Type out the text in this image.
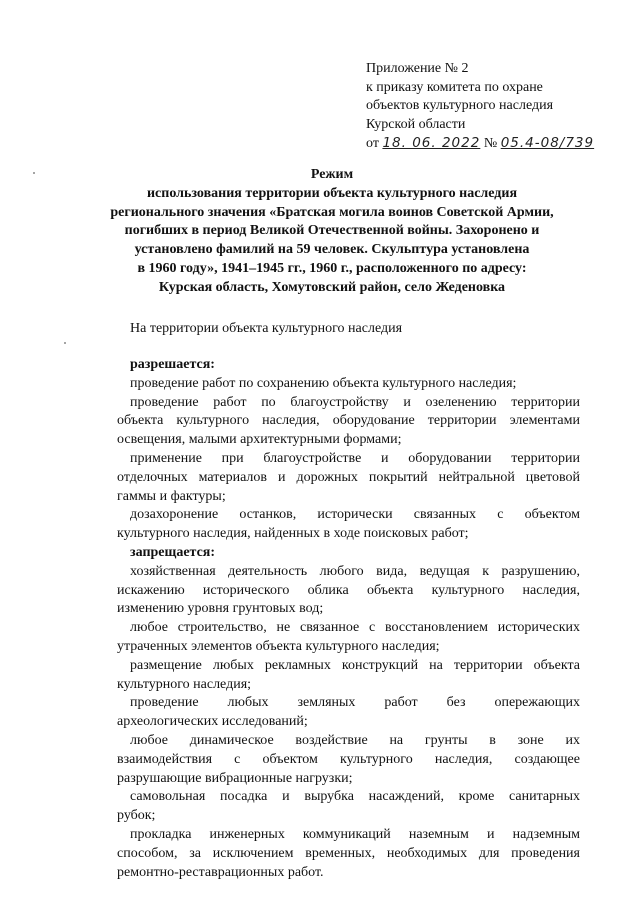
Приложение № 2
к приказу комитета по охране
объектов культурного наследия
Курской области
от 18. 06. 2022 № 05.4-08/739
Режим
использования территории объекта культурного наследия
регионального значения «Братская могила воинов Советской Армии,
погибших в период Великой Отечественной войны. Захоронено и
установлено фамилий на 59 человек. Скульптура установлена
в 1960 году», 1941–1945 гг., 1960 г., расположенного по адресу:
Курская область, Хомутовский район, село Жеденовка
На территории объекта культурного наследия
разрешается:
проведение работ по сохранению объекта культурного наследия;
проведение работ по благоустройству и озеленению территории
объекта культурного наследия, оборудование территории элементами
освещения, малыми архитектурными формами;
применение при благоустройстве и оборудовании территории
отделочных материалов и дорожных покрытий нейтральной цветовой
гаммы и фактуры;
дозахоронение останков, исторически связанных с объектом
культурного наследия, найденных в ходе поисковых работ;
запрещается:
хозяйственная деятельность любого вида, ведущая к разрушению,
искажению исторического облика объекта культурного наследия,
изменению уровня грунтовых вод;
любое строительство, не связанное с восстановлением исторических
утраченных элементов объекта культурного наследия;
размещение любых рекламных конструкций на территории объекта
культурного наследия;
проведение любых земляных работ без опережающих
археологических исследований;
любое динамическое воздействие на грунты в зоне их
взаимодействия с объектом культурного наследия, создающее
разрушающие вибрационные нагрузки;
самовольная посадка и вырубка насаждений, кроме санитарных
рубок;
прокладка инженерных коммуникаций наземным и надземным
способом, за исключением временных, необходимых для проведения
ремонтно-реставрационных работ.
